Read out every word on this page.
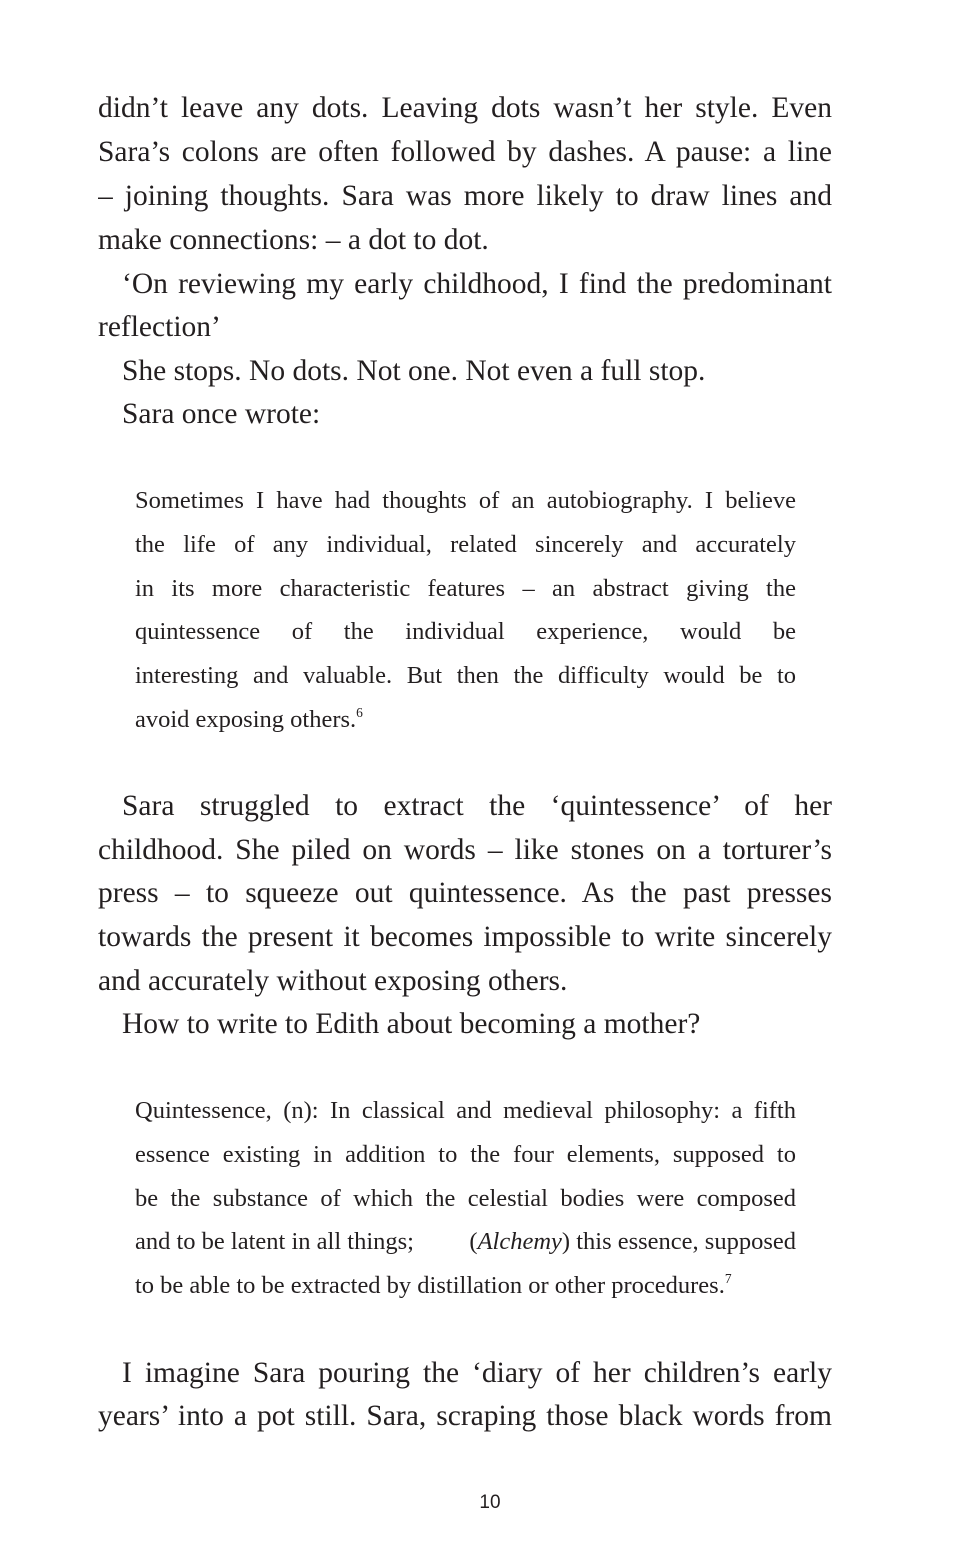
didn’t leave any dots. Leaving dots wasn’t her style. Even
Sara’s colons are often followed by dashes. A pause: a line
– joining thoughts. Sara was more likely to draw lines and
make connections: – a dot to dot.
‘On reviewing my early childhood, I find the predominant
reflection’
She stops. No dots. Not one. Not even a full stop.
Sara once wrote:
Sometimes I have had thoughts of an autobiography. I believe
the life of any individual, related sincerely and accurately
in its more characteristic features – an abstract giving the
quintessence of the individual experience, would be
interesting and valuable. But then the difficulty would be to
avoid exposing others.$^6$
Sara struggled to extract the ‘quintessence’ of her
childhood. She piled on words – like stones on a torturer’s
press – to squeeze out quintessence. As the past presses
towards the present it becomes impossible to write sincerely
and accurately without exposing others.
How to write to Edith about becoming a mother?
Quintessence, (n): In classical and medieval philosophy: a fifth
essence existing in addition to the four elements, supposed to
be the substance of which the celestial bodies were composed
and to be latent in all things; (Alchemy) this essence, supposed
to be able to be extracted by distillation or other procedures.$^7$
I imagine Sara pouring the ‘diary of her children’s early
years’ into a pot still. Sara, scraping those black words from
10
